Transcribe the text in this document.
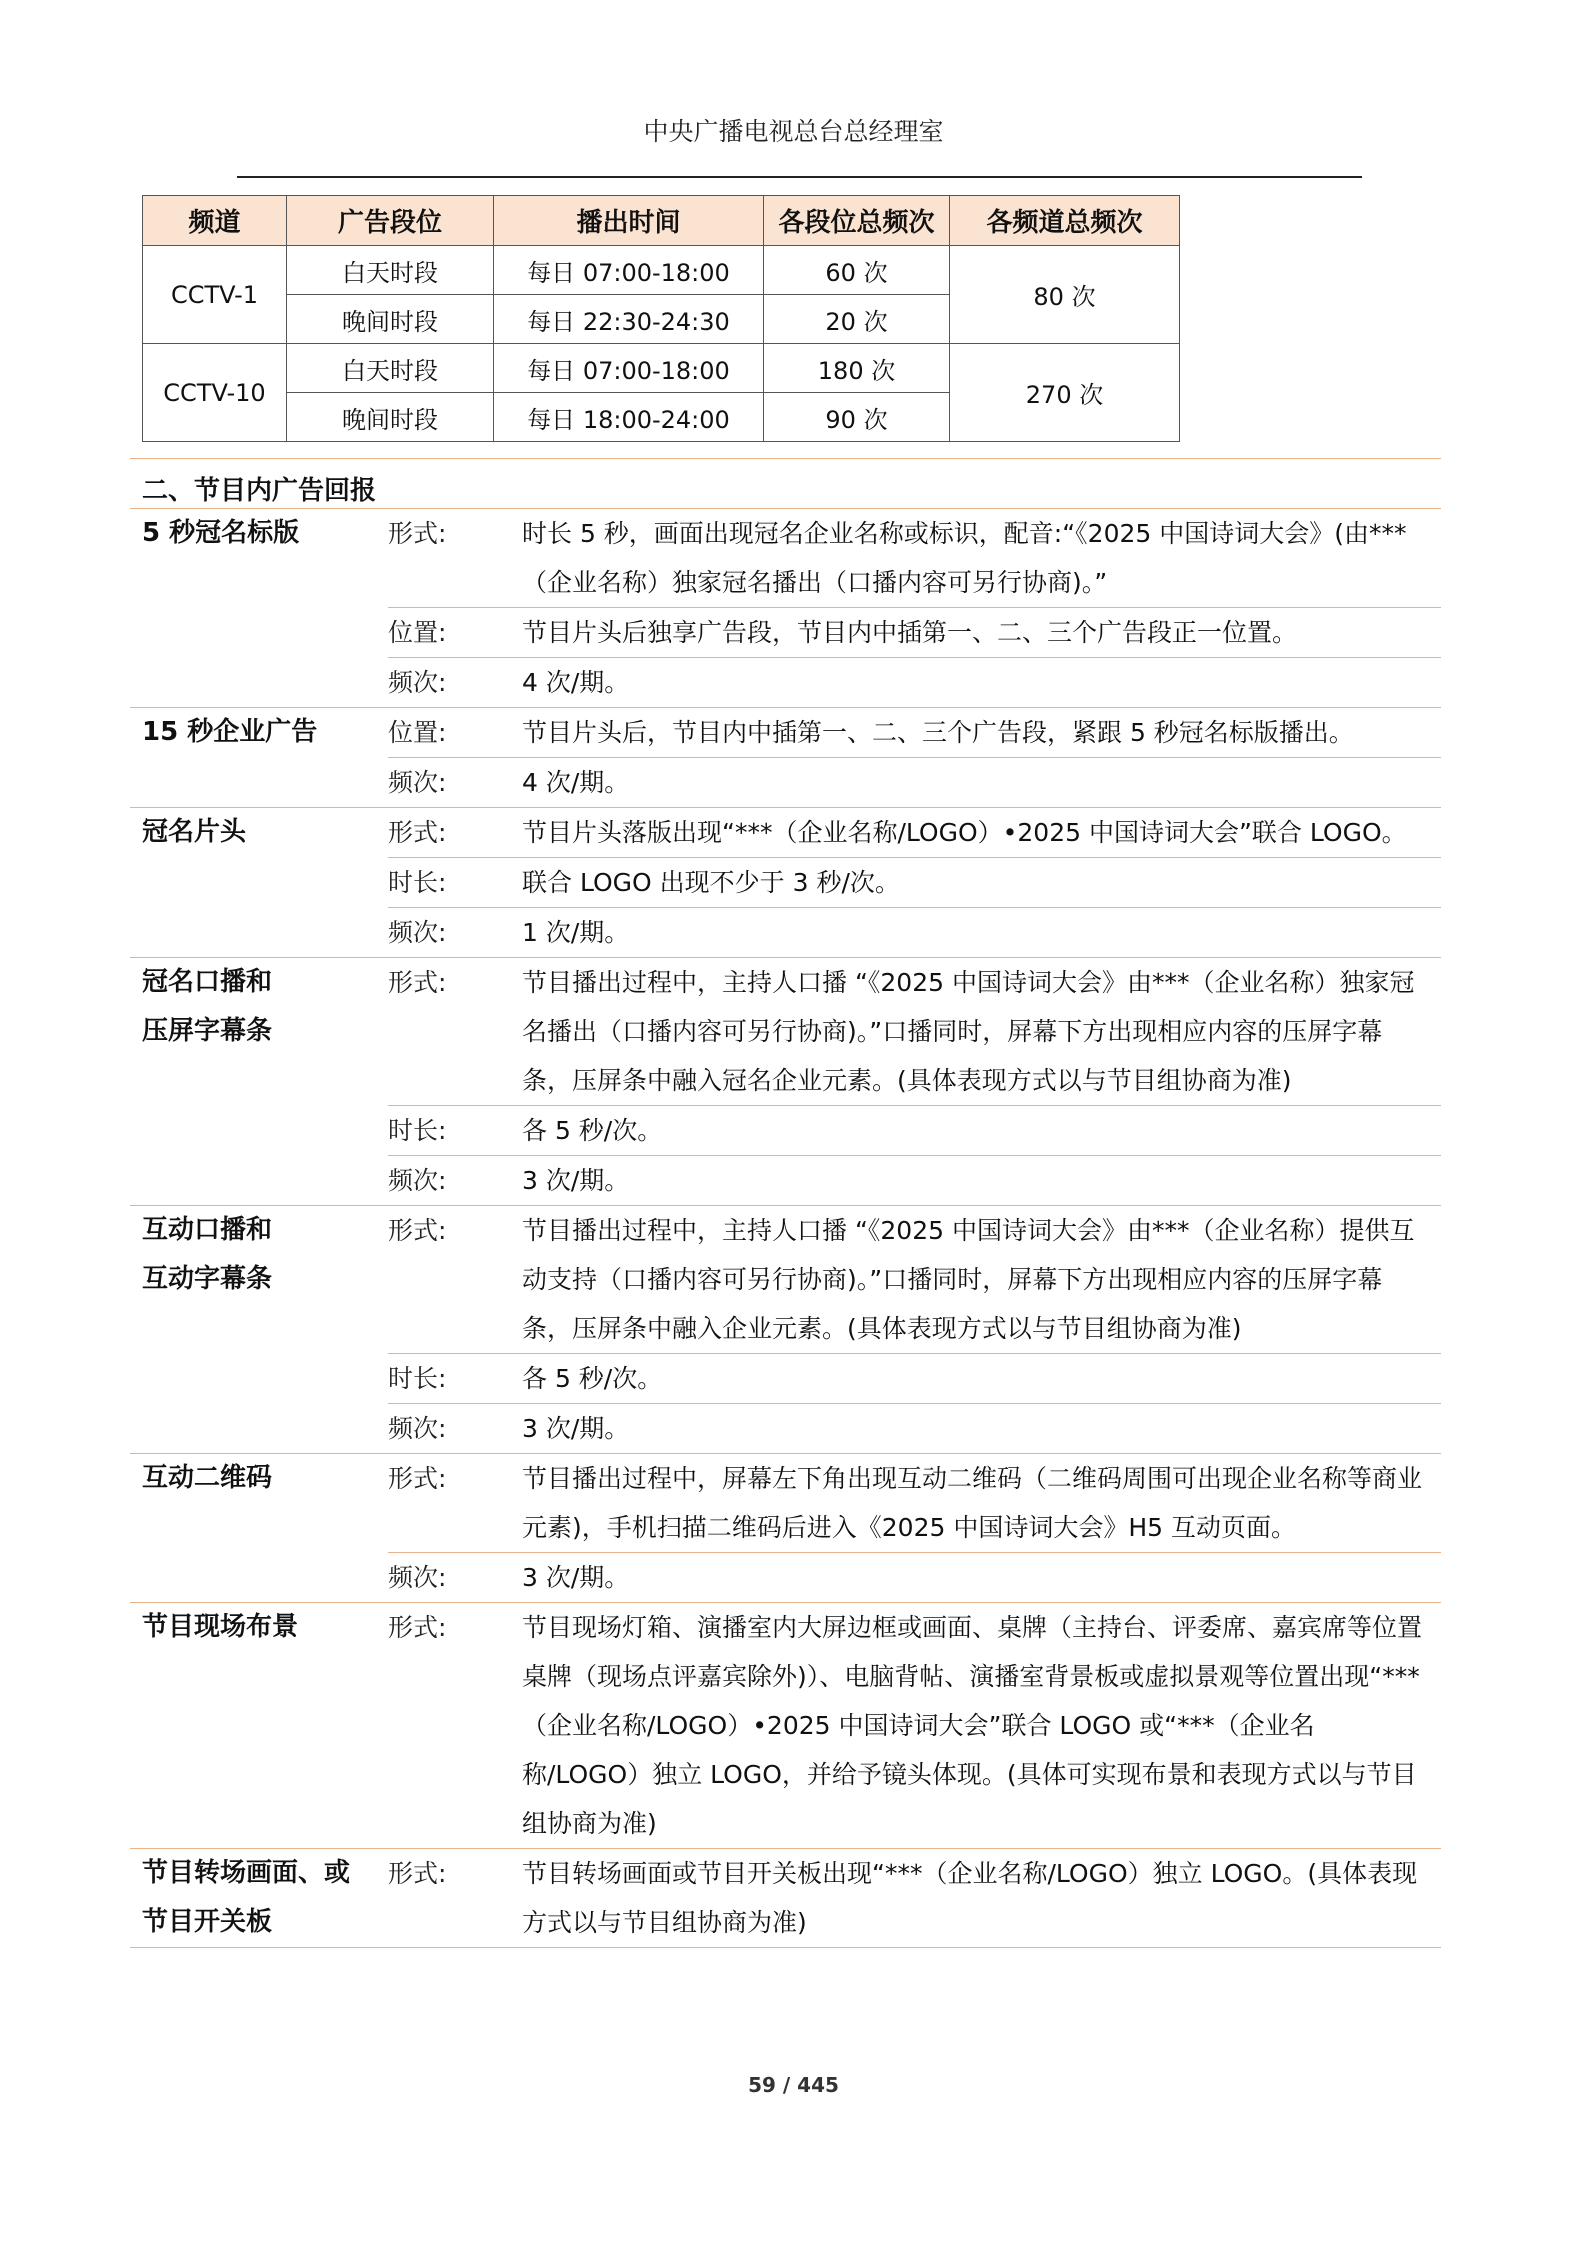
中央广播电视总台总经理室
频道	广告段位	播出时间	各段位总频次	各频道总频次
CCTV-1	白天时段	每日 07:00-18:00	60 次	80 次
	晚间时段	每日 22:30-24:30	20 次	
CCTV-10	白天时段	每日 07:00-18:00	180 次	270 次
	晚间时段	每日 18:00-24:00	90 次	
二、节目内广告回报
5 秒冠名标版	形式:	时长 5 秒，画面出现冠名企业名称或标识，配音:“《2025 中国诗词大会》(由***（企业名称）独家冠名播出（口播内容可另行协商)。”
位置:	节目片头后独享广告段，节目内中插第一、二、三个广告段正一位置。
频次:	4 次/期。
15 秒企业广告	位置:	节目片头后，节目内中插第一、二、三个广告段，紧跟 5 秒冠名标版播出。
频次:	4 次/期。
冠名片头	形式:	节目片头落版出现“***（企业名称/LOGO）•2025 中国诗词大会”联合 LOGO。
时长:	联合 LOGO 出现不少于 3 秒/次。
频次:	1 次/期。
冠名口播和
压屏字幕条
形式:	节目播出过程中，主持人口播 “《2025 中国诗词大会》由***（企业名称）独家冠名播出（口播内容可另行协商)。”口播同时，屏幕下方出现相应内容的压屏字幕条，压屏条中融入冠名企业元素。(具体表现方式以与节目组协商为准)
时长:	各 5 秒/次。
频次:	3 次/期。
互动口播和
互动字幕条
形式:	节目播出过程中，主持人口播 “《2025 中国诗词大会》由***（企业名称）提供互动支持（口播内容可另行协商)。”口播同时，屏幕下方出现相应内容的压屏字幕条，压屏条中融入企业元素。(具体表现方式以与节目组协商为准)
时长:	各 5 秒/次。
频次:	3 次/期。
互动二维码	形式:	节目播出过程中，屏幕左下角出现互动二维码（二维码周围可出现企业名称等商业元素)，手机扫描二维码后进入《2025 中国诗词大会》H5 互动页面。
频次:	3 次/期。
节目现场布景	形式:	节目现场灯箱、演播室内大屏边框或画面、桌牌（主持台、评委席、嘉宾席等位置桌牌（现场点评嘉宾除外)）、电脑背帖、演播室背景板或虚拟景观等位置出现“***（企业名称/LOGO）•2025 中国诗词大会”联合 LOGO 或“***（企业名称/LOGO）独立 LOGO，并给予镜头体现。(具体可实现布景和表现方式以与节目组协商为准)
节目转场画面、或
节目开关板
形式:	节目转场画面或节目开关板出现“***（企业名称/LOGO）独立 LOGO。(具体表现方式以与节目组协商为准)
59 / 445
